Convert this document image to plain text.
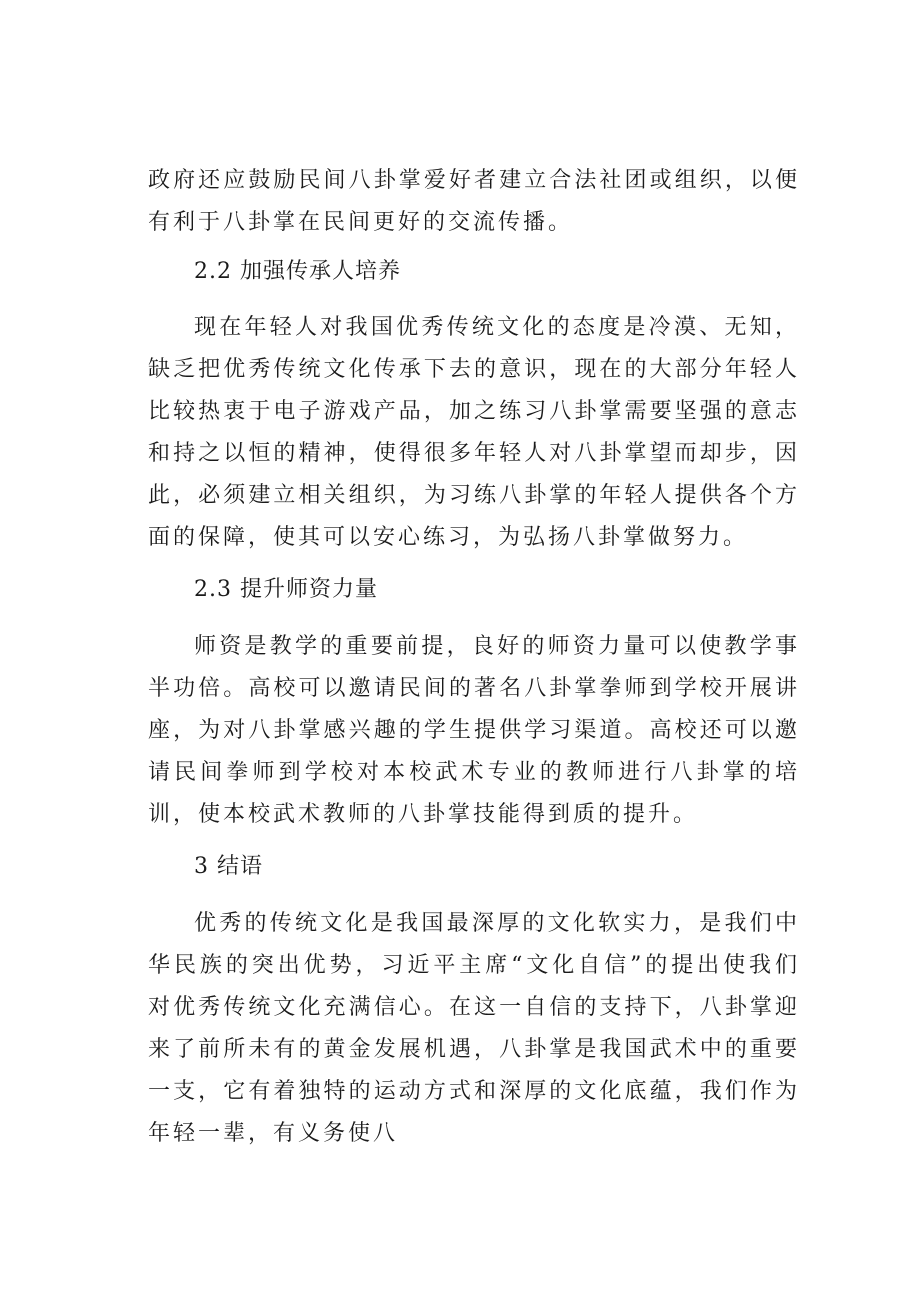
政府还应鼓励民间八卦掌爱好者建立合法社团或组织，以便有利于八卦掌在民间更好的交流传播。

2.2 加强传承人培养

现在年轻人对我国优秀传统文化的态度是冷漠、无知，缺乏把优秀传统文化传承下去的意识，现在的大部分年轻人比较热衷于电子游戏产品，加之练习八卦掌需要坚强的意志和持之以恒的精神，使得很多年轻人对八卦掌望而却步，因此，必须建立相关组织，为习练八卦掌的年轻人提供各个方面的保障，使其可以安心练习，为弘扬八卦掌做努力。

2.3 提升师资力量

师资是教学的重要前提，良好的师资力量可以使教学事半功倍。高校可以邀请民间的著名八卦掌拳师到学校开展讲座，为对八卦掌感兴趣的学生提供学习渠道。高校还可以邀请民间拳师到学校对本校武术专业的教师进行八卦掌的培训，使本校武术教师的八卦掌技能得到质的提升。

3 结语

优秀的传统文化是我国最深厚的文化软实力，是我们中华民族的突出优势，习近平主席“文化自信”的提出使我们对优秀传统文化充满信心。在这一自信的支持下，八卦掌迎来了前所未有的黄金发展机遇，八卦掌是我国武术中的重要一支，它有着独特的运动方式和深厚的文化底蕴，我们作为年轻一辈，有义务使八
